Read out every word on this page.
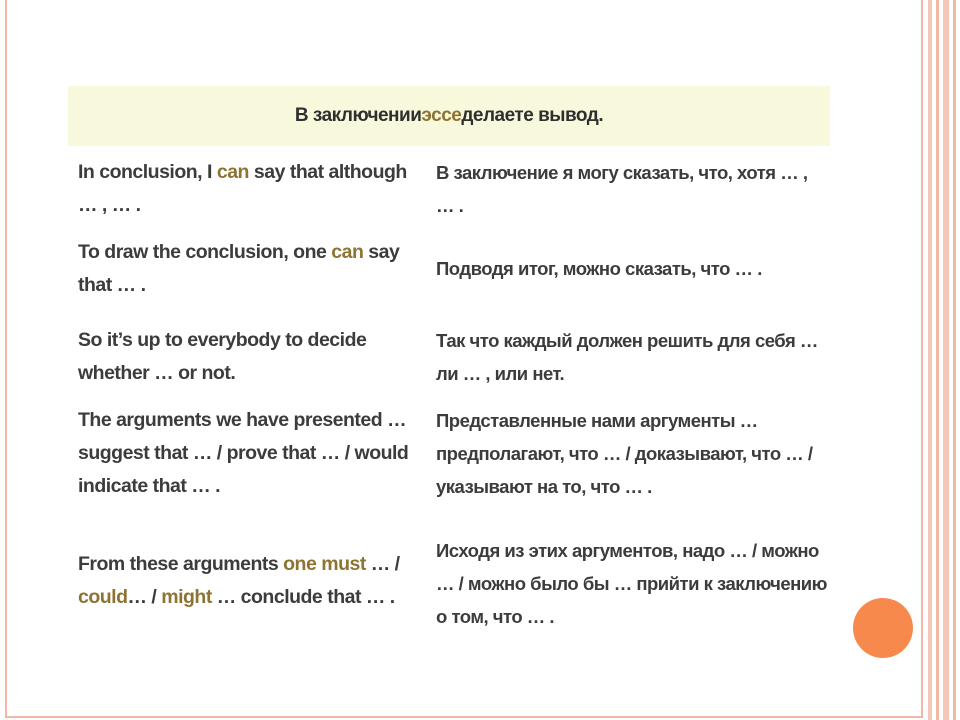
В заключении эссе делаете вывод.
In conclusion, I can say that although
… , … .
В заключение я могу сказать, что, хотя … ,
… .
To draw the conclusion, one can say
that … .
Подводя итог, можно сказать, что … .
So it’s up to everybody to decide
whether … or not.
Так что каждый должен решить для себя …
ли … , или нет.
The arguments we have presented …
suggest that … / prove that … / would
indicate that … .
Представленные нами аргументы …
предполагают, что … / доказывают, что … /
указывают на то, что … .
From these arguments one must … /
could… / might … conclude that … .
Исходя из этих аргументов, надо … / можно
… / можно было бы … прийти к заключению
о том, что … .
